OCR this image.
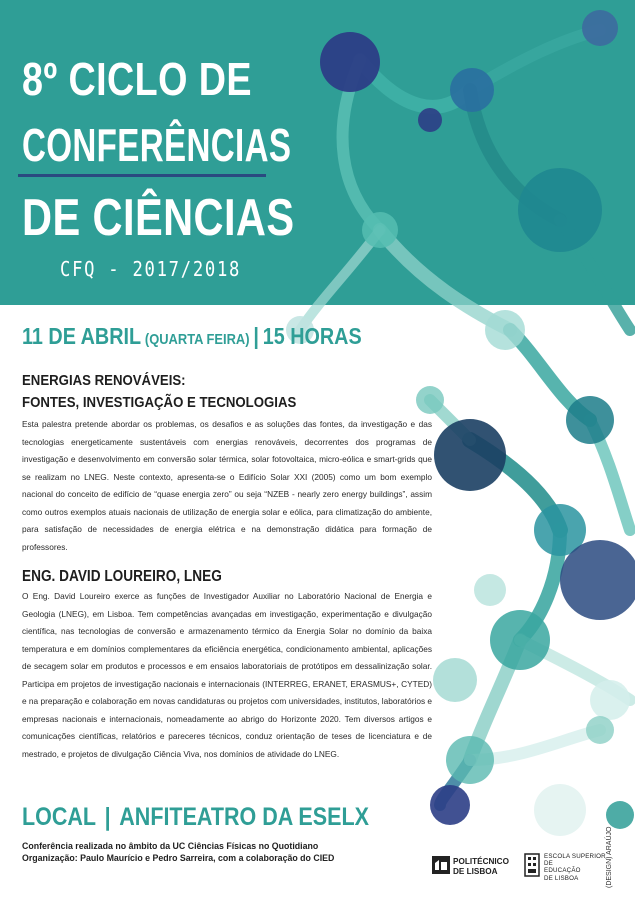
8º CICLO DE
CONFERÊNCIAS
DE CIÊNCIAS
CFQ - 2017/2018
11 DE ABRIL (QUARTA FEIRA) | 15 HORAS
ENERGIAS RENOVÁVEIS:
FONTES, INVESTIGAÇÃO E TECNOLOGIAS

Esta palestra pretende abordar os problemas, os desafios e as soluções das fontes, da investigação e das tecnologias energeticamente sustentáveis com energias renováveis, decorrentes dos programas de investigação e desenvolvimento em conversão solar térmica, solar fotovoltaica, micro-eólica e smart-grids que se realizam no LNEG. Neste contexto, apresenta-se o Edifício Solar XXI (2005) como um bom exemplo nacional do conceito de edifício de “quase energia zero” ou seja “NZEB - nearly zero energy buildings”, assim como outros exemplos atuais nacionais de utilização de energia solar e eólica, para climatização do ambiente, para satisfação de necessidades de energia elétrica e na demonstração didática para formação de professores.

ENG. DAVID LOUREIRO, LNEG

O Eng. David Loureiro exerce as funções de Investigador Auxiliar no Laboratório Nacional de Energia e Geologia (LNEG), em Lisboa. Tem competências avançadas em investigação, experimentação e divulgação científica, nas tecnologias de conversão e armazenamento térmico da Energia Solar no domínio da baixa temperatura e em domínios complementares da eficiência energética, condicionamento ambiental, aplicações de secagem solar em produtos e processos e em ensaios laboratoriais de protótipos em dessalinização solar. Participa em projetos de investigação nacionais e internacionais (INTERREG, ERANET, ERASMUS+, CYTED) e na preparação e colaboração em novas candidaturas ou projetos com universidades, institutos, laboratórios e empresas nacionais e internacionais, nomeadamente ao abrigo do Horizonte 2020. Tem diversos artigos e comunicações científicas, relatórios e pareceres técnicos, conduz orientação de teses de licenciatura e de mestrado, e projetos de divulgação Ciência Viva, nos domínios de atividade do LNEG.

LOCAL | ANFITEATRO DA ESELX
Conferência realizada no âmbito da UC Ciências Físicas no Quotidiano
Organização: Paulo Maurício e Pedro Sarreira, com a colaboração do CIED	POLITÉCNICO
DE LISBOA
ESCOLA SUPERIOR
DE
EDUCAÇÃO
DE LISBOA	(DESIGN) ARAÚJO
